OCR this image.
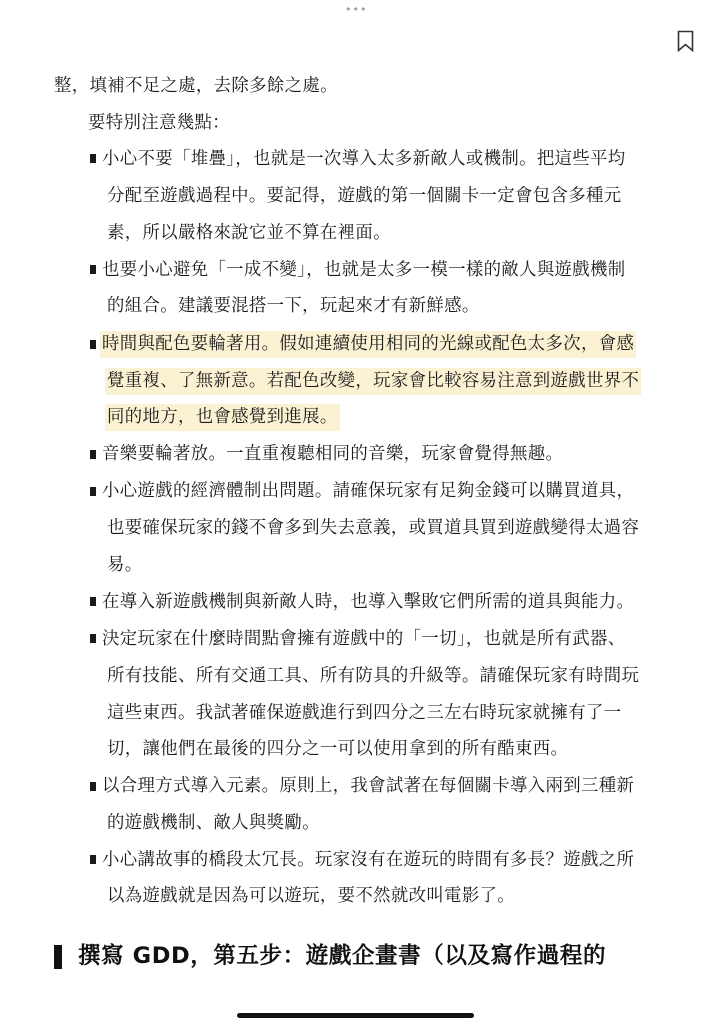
•••
整，填補不足之處，去除多餘之處。
要特別注意幾點：
小心不要「堆疊」，也就是一次導入太多新敵人或機制。把這些平均
分配至遊戲過程中。要記得，遊戲的第一個關卡一定會包含多種元
素，所以嚴格來說它並不算在裡面。
也要小心避免「一成不變」，也就是太多一模一樣的敵人與遊戲機制
的組合。建議要混搭一下，玩起來才有新鮮感。
時間與配色要輪著用。假如連續使用相同的光線或配色太多次，會感
覺重複、了無新意。若配色改變，玩家會比較容易注意到遊戲世界不
同的地方，也會感覺到進展。
音樂要輪著放。一直重複聽相同的音樂，玩家會覺得無趣。
小心遊戲的經濟體制出問題。請確保玩家有足夠金錢可以購買道具，
也要確保玩家的錢不會多到失去意義，或買道具買到遊戲變得太過容
易。
在導入新遊戲機制與新敵人時，也導入擊敗它們所需的道具與能力。
決定玩家在什麼時間點會擁有遊戲中的「一切」，也就是所有武器、
所有技能、所有交通工具、所有防具的升級等。請確保玩家有時間玩
這些東西。我試著確保遊戲進行到四分之三左右時玩家就擁有了一
切，讓他們在最後的四分之一可以使用拿到的所有酷東西。
以合理方式導入元素。原則上，我會試著在每個關卡導入兩到三種新
的遊戲機制、敵人與獎勵。
小心講故事的橋段太冗長。玩家沒有在遊玩的時間有多長？遊戲之所
以為遊戲就是因為可以遊玩，要不然就改叫電影了。
撰寫 GDD，第五步：遊戲企畫書（以及寫作過程的
